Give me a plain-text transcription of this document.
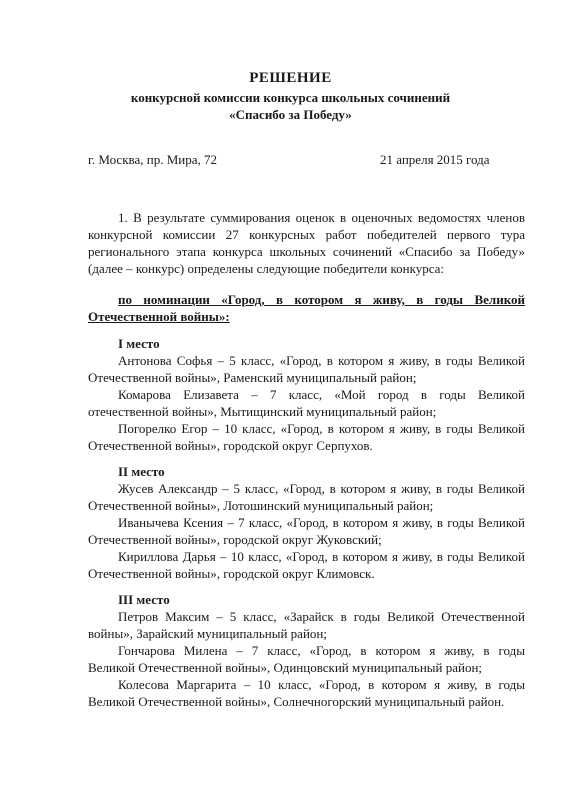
РЕШЕНИЕ
конкурсной комиссии конкурса школьных сочинений
«Спасибо за Победу»
г. Москва, пр. Мира, 72	21 апреля 2015 года
1. В результате суммирования оценок в оценочных ведомостях членов
конкурсной комиссии 27 конкурсных работ победителей первого тура
регионального этапа конкурса школьных сочинений «Спасибо за Победу»
(далее – конкурс) определены следующие победители конкурса:
по номинации «Город, в котором я живу, в годы Великой
Отечественной войны»:
I место
Антонова Софья – 5 класс, «Город, в котором я живу, в годы Великой
Отечественной войны», Раменский муниципальный район;
Комарова Елизавета – 7 класс, «Мой город в годы Великой
отечественной войны», Мытищинский муниципальный район;
Погорелко Егор – 10 класс, «Город, в котором я живу, в годы Великой
Отечественной войны», городской округ Серпухов.
II место
Жусев Александр – 5 класс, «Город, в котором я живу, в годы Великой
Отечественной войны», Лотошинский муниципальный район;
Иванычева Ксения – 7 класс, «Город, в котором я живу, в годы Великой
Отечественной войны», городской округ Жуковский;
Кириллова Дарья – 10 класс, «Город, в котором я живу, в годы Великой
Отечественной войны», городской округ Климовск.
III место
Петров Максим – 5 класс, «Зарайск в годы Великой Отечественной
войны», Зарайский муниципальный район;
Гончарова Милена – 7 класс, «Город, в котором я живу, в годы
Великой Отечественной войны», Одинцовский муниципальный район;
Колесова Маргарита – 10 класс, «Город, в котором я живу, в годы
Великой Отечественной войны», Солнечногорский муниципальный район.
